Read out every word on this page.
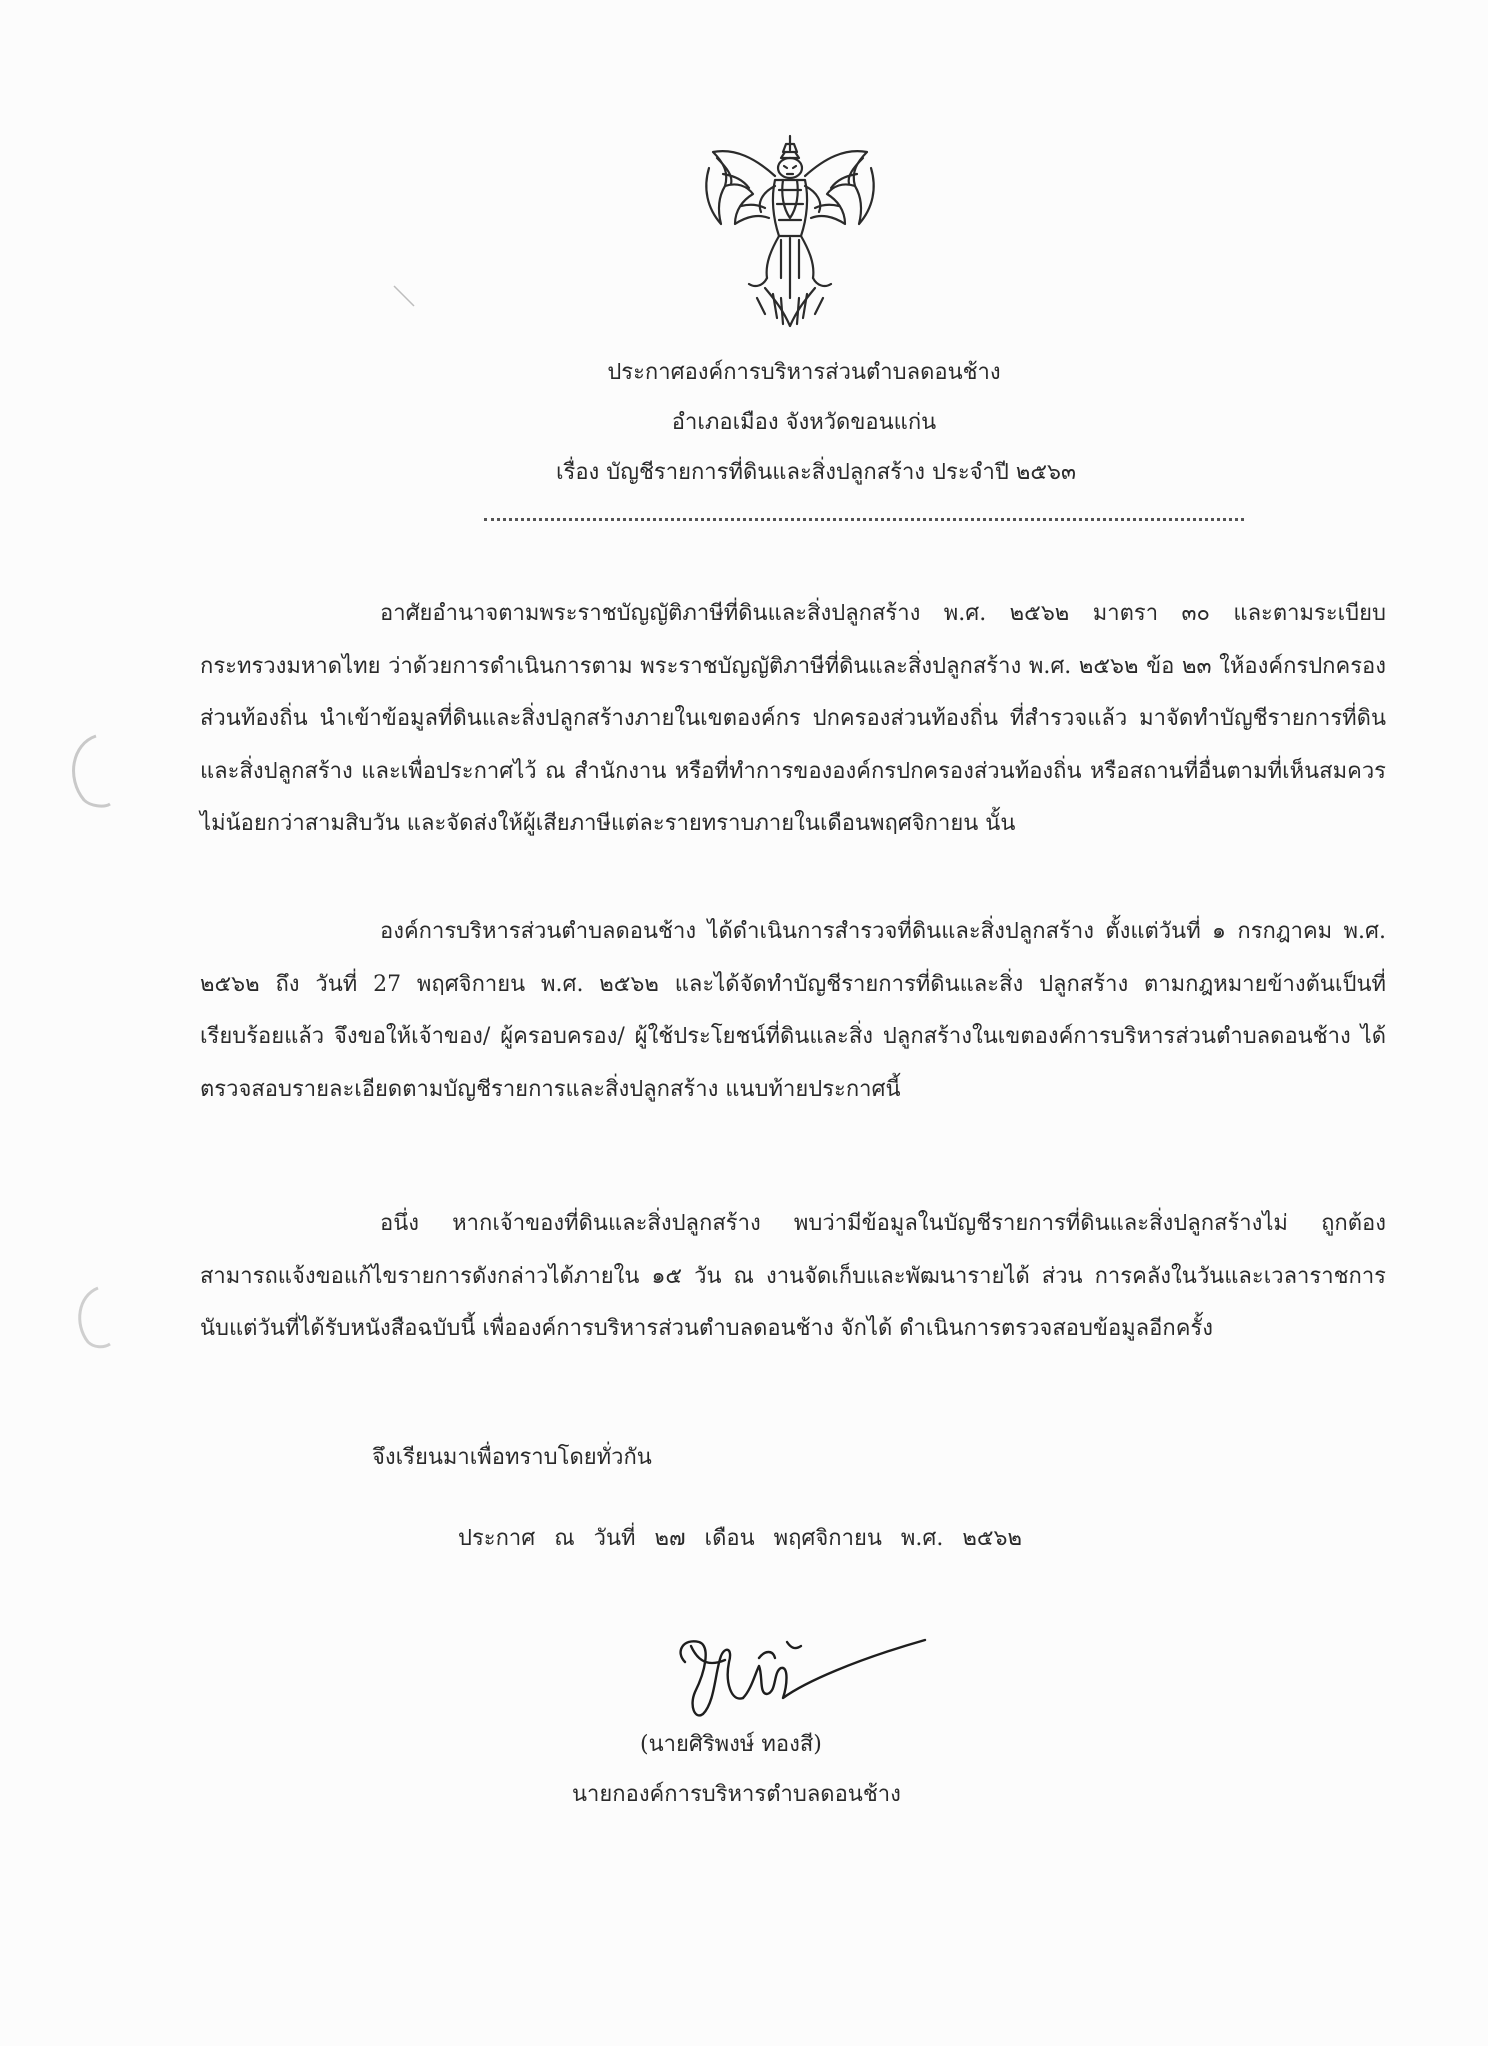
ประกาศองค์การบริหารส่วนตำบลดอนช้าง
อำเภอเมือง จังหวัดขอนแก่น
เรื่อง บัญชีรายการที่ดินและสิ่งปลูกสร้าง ประจำปี ๒๕๖๓

อาศัยอำนาจตามพระราชบัญญัติภาษีที่ดินและสิ่งปลูกสร้าง พ.ศ. ๒๕๖๒ มาตรา ๓๐ และตามระเบียบกระทรวงมหาดไทย ว่าด้วยการดำเนินการตาม พระราชบัญญัติภาษีที่ดินและสิ่งปลูกสร้าง พ.ศ. ๒๕๖๒ ข้อ ๒๓ ให้องค์กรปกครองส่วนท้องถิ่น นำเข้าข้อมูลที่ดินและสิ่งปลูกสร้างภายในเขตองค์กร ปกครองส่วนท้องถิ่น ที่สำรวจแล้ว มาจัดทำบัญชีรายการที่ดินและสิ่งปลูกสร้าง และเพื่อประกาศไว้ ณ สำนักงาน หรือที่ทำการขององค์กรปกครองส่วนท้องถิ่น หรือสถานที่อื่นตามที่เห็นสมควร ไม่น้อยกว่าสามสิบวัน และจัดส่งให้ผู้เสียภาษีแต่ละรายทราบภายในเดือนพฤศจิกายน นั้น

องค์การบริหารส่วนตำบลดอนช้าง ได้ดำเนินการสำรวจที่ดินและสิ่งปลูกสร้าง ตั้งแต่วันที่ ๑ กรกฎาคม พ.ศ. ๒๕๖๒ ถึง วันที่ 27 พฤศจิกายน พ.ศ. ๒๕๖๒ และได้จัดทำบัญชีรายการที่ดินและสิ่ง ปลูกสร้าง ตามกฎหมายข้างต้นเป็นที่เรียบร้อยแล้ว จึงขอให้เจ้าของ/ ผู้ครอบครอง/ ผู้ใช้ประโยชน์ที่ดินและสิ่ง ปลูกสร้างในเขตองค์การบริหารส่วนตำบลดอนช้าง ได้ตรวจสอบรายละเอียดตามบัญชีรายการและสิ่งปลูกสร้าง แนบท้ายประกาศนี้

อนึ่ง หากเจ้าของที่ดินและสิ่งปลูกสร้าง พบว่ามีข้อมูลในบัญชีรายการที่ดินและสิ่งปลูกสร้างไม่ ถูกต้อง สามารถแจ้งขอแก้ไขรายการดังกล่าวได้ภายใน ๑๕ วัน ณ งานจัดเก็บและพัฒนารายได้ ส่วน การคลังในวันและเวลาราชการ นับแต่วันที่ได้รับหนังสือฉบับนี้ เพื่อองค์การบริหารส่วนตำบลดอนช้าง จักได้ ดำเนินการตรวจสอบข้อมูลอีกครั้ง

จึงเรียนมาเพื่อทราบโดยทั่วกัน
ประกาศ ณ วันที่ ๒๗ เดือน พฤศจิกายน พ.ศ. ๒๕๖๒
(นายศิริพงษ์ ทองสี)
นายกองค์การบริหารตำบลดอนช้าง
